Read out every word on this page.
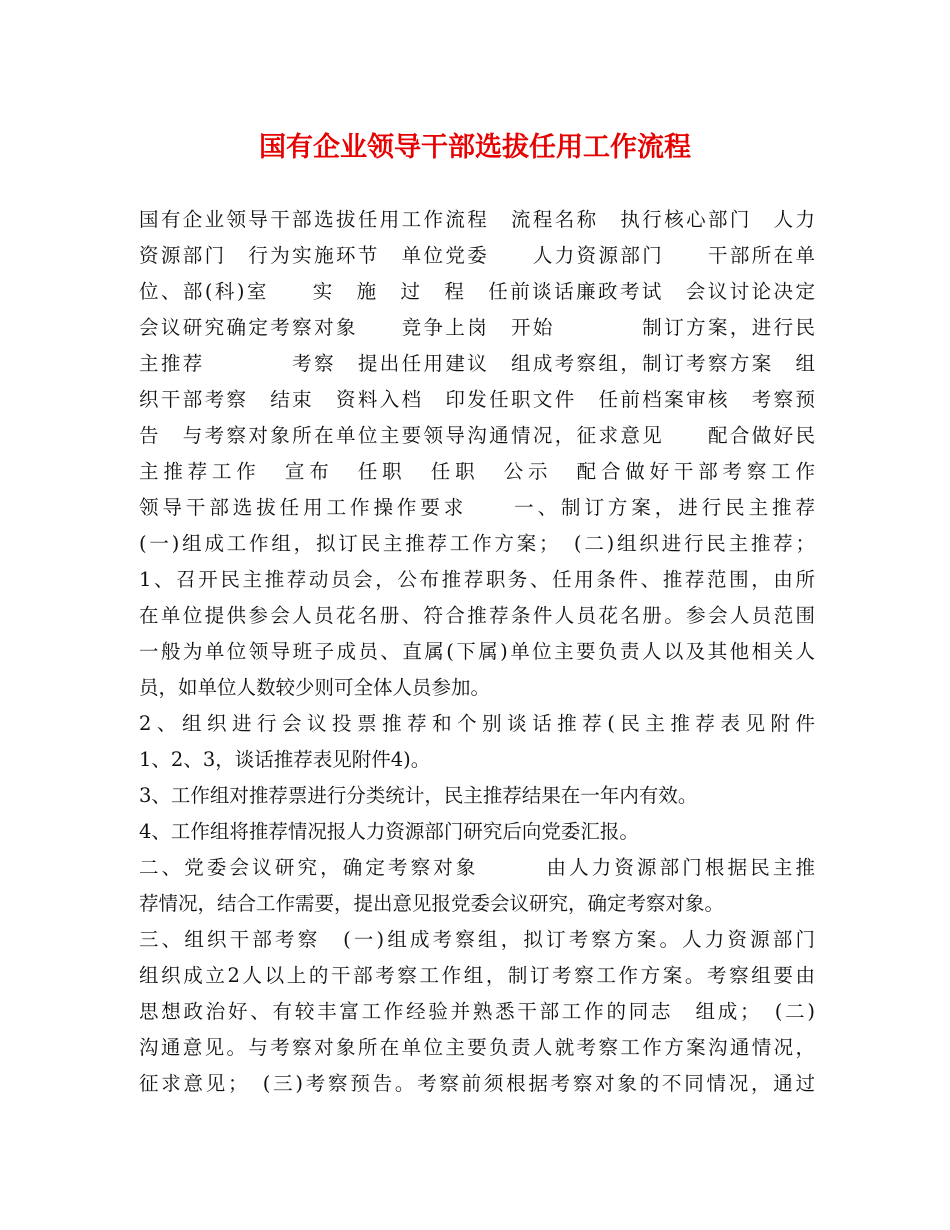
国有企业领导干部选拔任用工作流程
国有企业领导干部选拔任用工作流程　流程名称　执行核心部门　人力
资源部门　行为实施环节　单位党委　　人力资源部门　　干部所在单
位、部(科)室　　实　施　过　程　任前谈话廉政考试　会议讨论决定
会议研究确定考察对象　　竞争上岗　开始　　　　制订方案，进行民
主推荐　　　　考察　提出任用建议　组成考察组，制订考察方案　组
织干部考察　结束　资料入档　印发任职文件　任前档案审核　考察预
告　与考察对象所在单位主要领导沟通情况，征求意见　　配合做好民
主推荐工作　宣布　任职　任职　公示　配合做好干部考察工作
领导干部选拔任用工作操作要求　　一、制订方案，进行民主推荐
(一)组成工作组，拟订民主推荐工作方案；　(二)组织进行民主推荐；
1、召开民主推荐动员会，公布推荐职务、任用条件、推荐范围，由所
在单位提供参会人员花名册、符合推荐条件人员花名册。参会人员范围
一般为单位领导班子成员、直属(下属)单位主要负责人以及其他相关人
员，如单位人数较少则可全体人员参加。
2、组织进行会议投票推荐和个别谈话推荐(民主推荐表见附件
1、2、3，谈话推荐表见附件4)。
3、工作组对推荐票进行分类统计，民主推荐结果在一年内有效。
4、工作组将推荐情况报人力资源部门研究后向党委汇报。
二、党委会议研究，确定考察对象　　　由人力资源部门根据民主推
荐情况，结合工作需要，提出意见报党委会议研究，确定考察对象。
三、组织干部考察　(一)组成考察组，拟订考察方案。人力资源部门
组织成立2人以上的干部考察工作组，制订考察工作方案。考察组要由
思想政治好、有较丰富工作经验并熟悉干部工作的同志　组成；　(二)
沟通意见。与考察对象所在单位主要负责人就考察工作方案沟通情况，
征求意见；　(三)考察预告。考察前须根据考察对象的不同情况，通过
